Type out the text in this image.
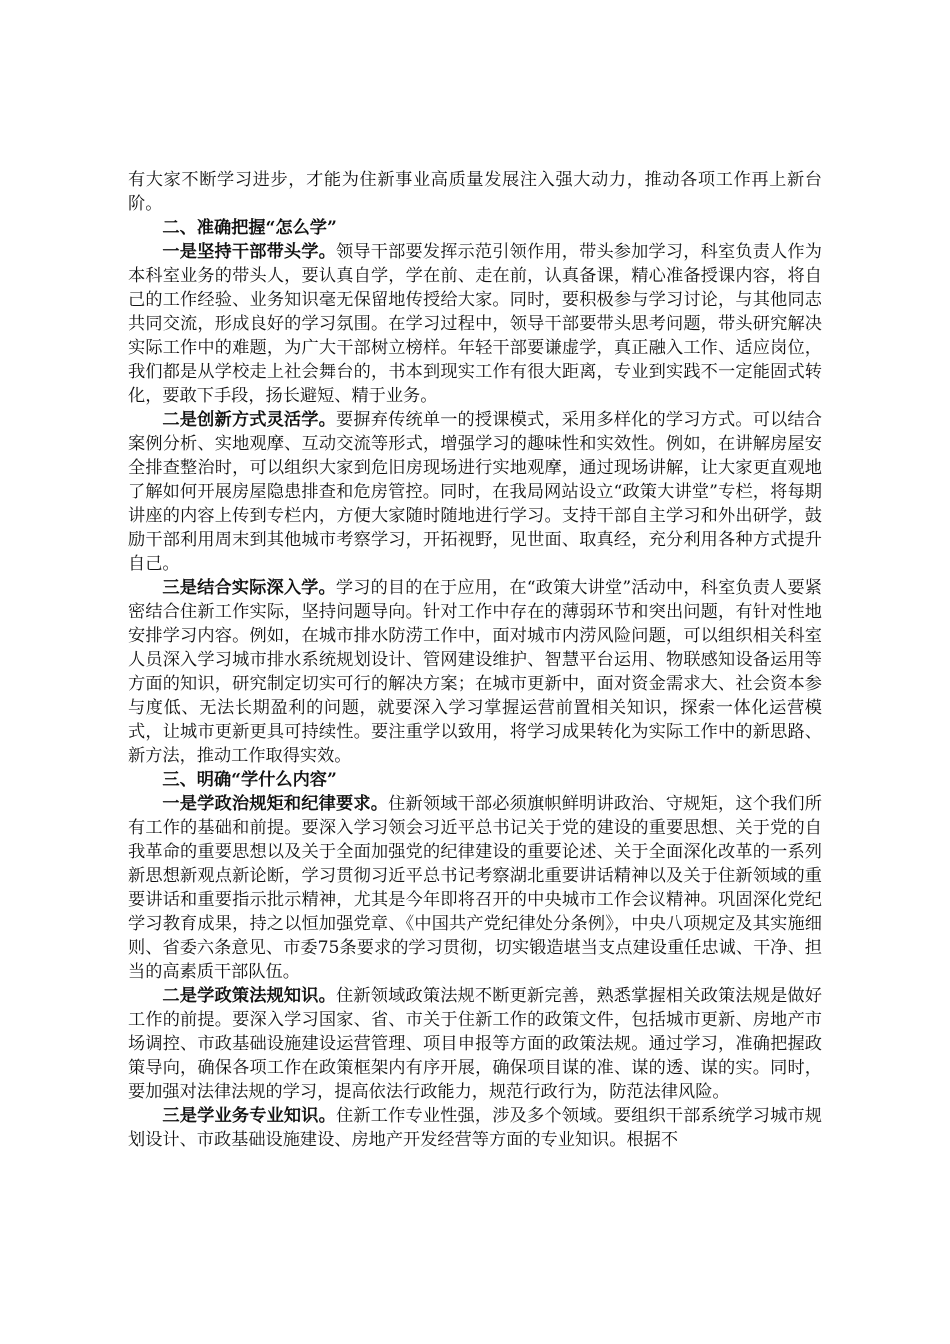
有大家不断学习进步，才能为住新事业高质量发展注入强大动力，推动各项工作再上新台阶。

二、准确把握“怎么学”

一是坚持干部带头学。领导干部要发挥示范引领作用，带头参加学习，科室负责人作为本科室业务的带头人，要认真自学，学在前、走在前，认真备课，精心准备授课内容，将自己的工作经验、业务知识毫无保留地传授给大家。同时，要积极参与学习讨论，与其他同志共同交流，形成良好的学习氛围。在学习过程中，领导干部要带头思考问题，带头研究解决实际工作中的难题，为广大干部树立榜样。年轻干部要谦虚学，真正融入工作、适应岗位，我们都是从学校走上社会舞台的，书本到现实工作有很大距离，专业到实践不一定能固式转化，要敢下手段，扬长避短、精于业务。

二是创新方式灵活学。要摒弃传统单一的授课模式，采用多样化的学习方式。可以结合案例分析、实地观摩、互动交流等形式，增强学习的趣味性和实效性。例如，在讲解房屋安全排查整治时，可以组织大家到危旧房现场进行实地观摩，通过现场讲解，让大家更直观地了解如何开展房屋隐患排查和危房管控。同时，在我局网站设立“政策大讲堂”专栏，将每期讲座的内容上传到专栏内，方便大家随时随地进行学习。支持干部自主学习和外出研学，鼓励干部利用周末到其他城市考察学习，开拓视野，见世面、取真经，充分利用各种方式提升自己。

三是结合实际深入学。学习的目的在于应用，在“政策大讲堂”活动中，科室负责人要紧密结合住新工作实际，坚持问题导向。针对工作中存在的薄弱环节和突出问题，有针对性地安排学习内容。例如，在城市排水防涝工作中，面对城市内涝风险问题，可以组织相关科室人员深入学习城市排水系统规划设计、管网建设维护、智慧平台运用、物联感知设备运用等方面的知识，研究制定切实可行的解决方案；在城市更新中，面对资金需求大、社会资本参与度低、无法长期盈利的问题，就要深入学习掌握运营前置相关知识，探索一体化运营模式，让城市更新更具可持续性。要注重学以致用，将学习成果转化为实际工作中的新思路、新方法，推动工作取得实效。

三、明确“学什么内容”

一是学政治规矩和纪律要求。住新领域干部必须旗帜鲜明讲政治、守规矩，这个我们所有工作的基础和前提。要深入学习领会习近平总书记关于党的建设的重要思想、关于党的自我革命的重要思想以及关于全面加强党的纪律建设的重要论述、关于全面深化改革的一系列新思想新观点新论断，学习贯彻习近平总书记考察湖北重要讲话精神以及关于住新领域的重要讲话和重要指示批示精神，尤其是今年即将召开的中央城市工作会议精神。巩固深化党纪学习教育成果，持之以恒加强党章、《中国共产党纪律处分条例》，中央八项规定及其实施细则、省委六条意见、市委75条要求的学习贯彻，切实锻造堪当支点建设重任忠诚、干净、担当的高素质干部队伍。

二是学政策法规知识。住新领域政策法规不断更新完善，熟悉掌握相关政策法规是做好工作的前提。要深入学习国家、省、市关于住新工作的政策文件，包括城市更新、房地产市场调控、市政基础设施建设运营管理、项目申报等方面的政策法规。通过学习，准确把握政策导向，确保各项工作在政策框架内有序开展，确保项目谋的准、谋的透、谋的实。同时，要加强对法律法规的学习，提高依法行政能力，规范行政行为，防范法律风险。

三是学业务专业知识。住新工作专业性强，涉及多个领域。要组织干部系统学习城市规划设计、市政基础设施建设、房地产开发经营等方面的专业知识。根据不
